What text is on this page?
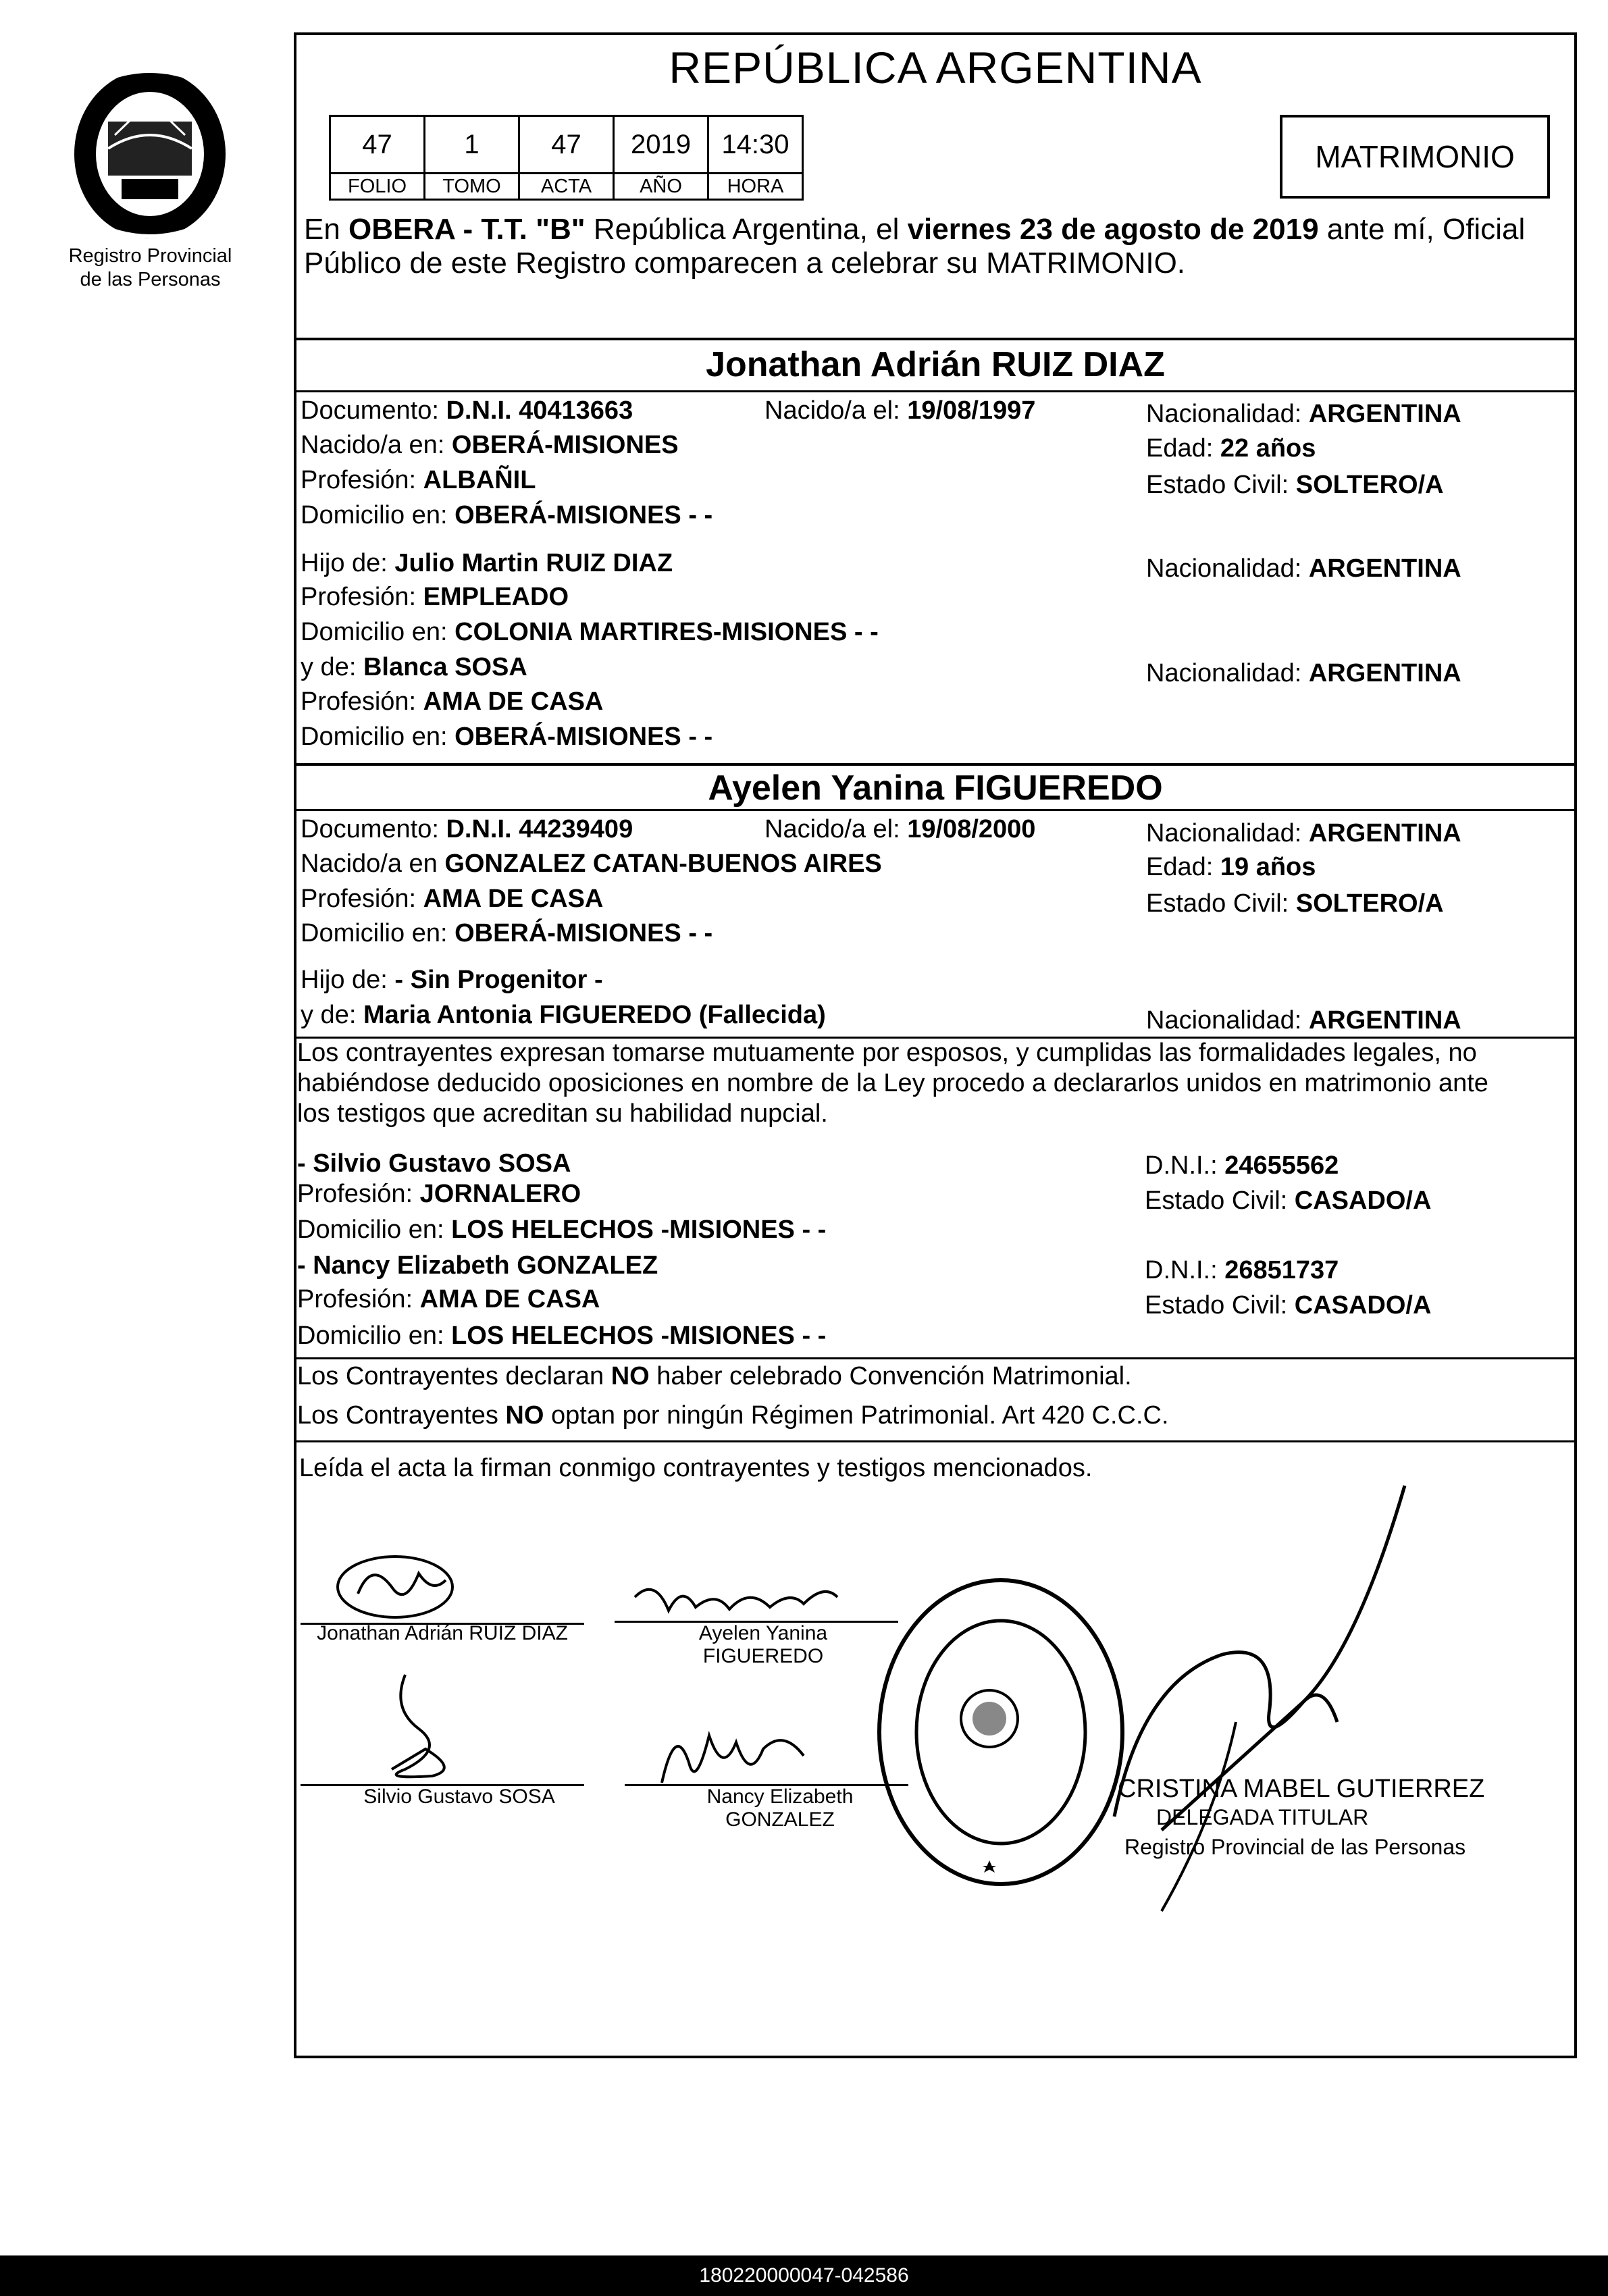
Registro Provincial
de las Personas
REPÚBLICA ARGENTINA
47	1	47	2019	14:30
FOLIO	TOMO	ACTA	AÑO	HORA
MATRIMONIO
En OBERA - T.T. "B" República Argentina, el viernes 23 de agosto de 2019 ante mí, Oficial
Público de este Registro comparecen a celebrar su MATRIMONIO.
Jonathan Adrián RUIZ DIAZ
Documento: D.N.I. 40413663	Nacido/a el: 19/08/1997	Nacionalidad: ARGENTINA
Nacido/a en: OBERÁ-MISIONES	Edad: 22 años
Profesión: ALBAÑIL	Estado Civil: SOLTERO/A
Domicilio en: OBERÁ-MISIONES - -
Hijo de: Julio Martin RUIZ DIAZ	Nacionalidad: ARGENTINA
Profesión: EMPLEADO
Domicilio en: COLONIA MARTIRES-MISIONES - -
y de: Blanca SOSA	Nacionalidad: ARGENTINA
Profesión: AMA DE CASA
Domicilio en: OBERÁ-MISIONES - -
Ayelen Yanina FIGUEREDO
Documento: D.N.I. 44239409	Nacido/a el: 19/08/2000	Nacionalidad: ARGENTINA
Nacido/a en GONZALEZ CATAN-BUENOS AIRES	Edad: 19 años
Profesión: AMA DE CASA	Estado Civil: SOLTERO/A
Domicilio en: OBERÁ-MISIONES - -
Hijo de: - Sin Progenitor -
y de: Maria Antonia FIGUEREDO (Fallecida)	Nacionalidad: ARGENTINA
Los contrayentes expresan tomarse mutuamente por esposos, y cumplidas las formalidades legales, no
habiéndose deducido oposiciones en nombre de la Ley procedo a declararlos unidos en matrimonio ante
los testigos que acreditan su habilidad nupcial.
- Silvio Gustavo SOSA	D.N.I.: 24655562
Profesión: JORNALERO	Estado Civil: CASADO/A
Domicilio en: LOS HELECHOS -MISIONES - -
- Nancy Elizabeth GONZALEZ	D.N.I.: 26851737
Profesión: AMA DE CASA	Estado Civil: CASADO/A
Domicilio en: LOS HELECHOS -MISIONES - -
Los Contrayentes declaran NO haber celebrado Convención Matrimonial.
Los Contrayentes NO optan por ningún Régimen Patrimonial. Art 420 C.C.C.
Leída el acta la firman conmigo contrayentes y testigos mencionados.
Jonathan Adrián RUIZ DIAZ	Ayelen Yanina
FIGUEREDO
Silvio Gustavo SOSA	Nancy Elizabeth
GONZALEZ
CRISTINA MABEL GUTIERREZ
DELEGADA TITULAR
Registro Provincial de las Personas
180220000047-042586
